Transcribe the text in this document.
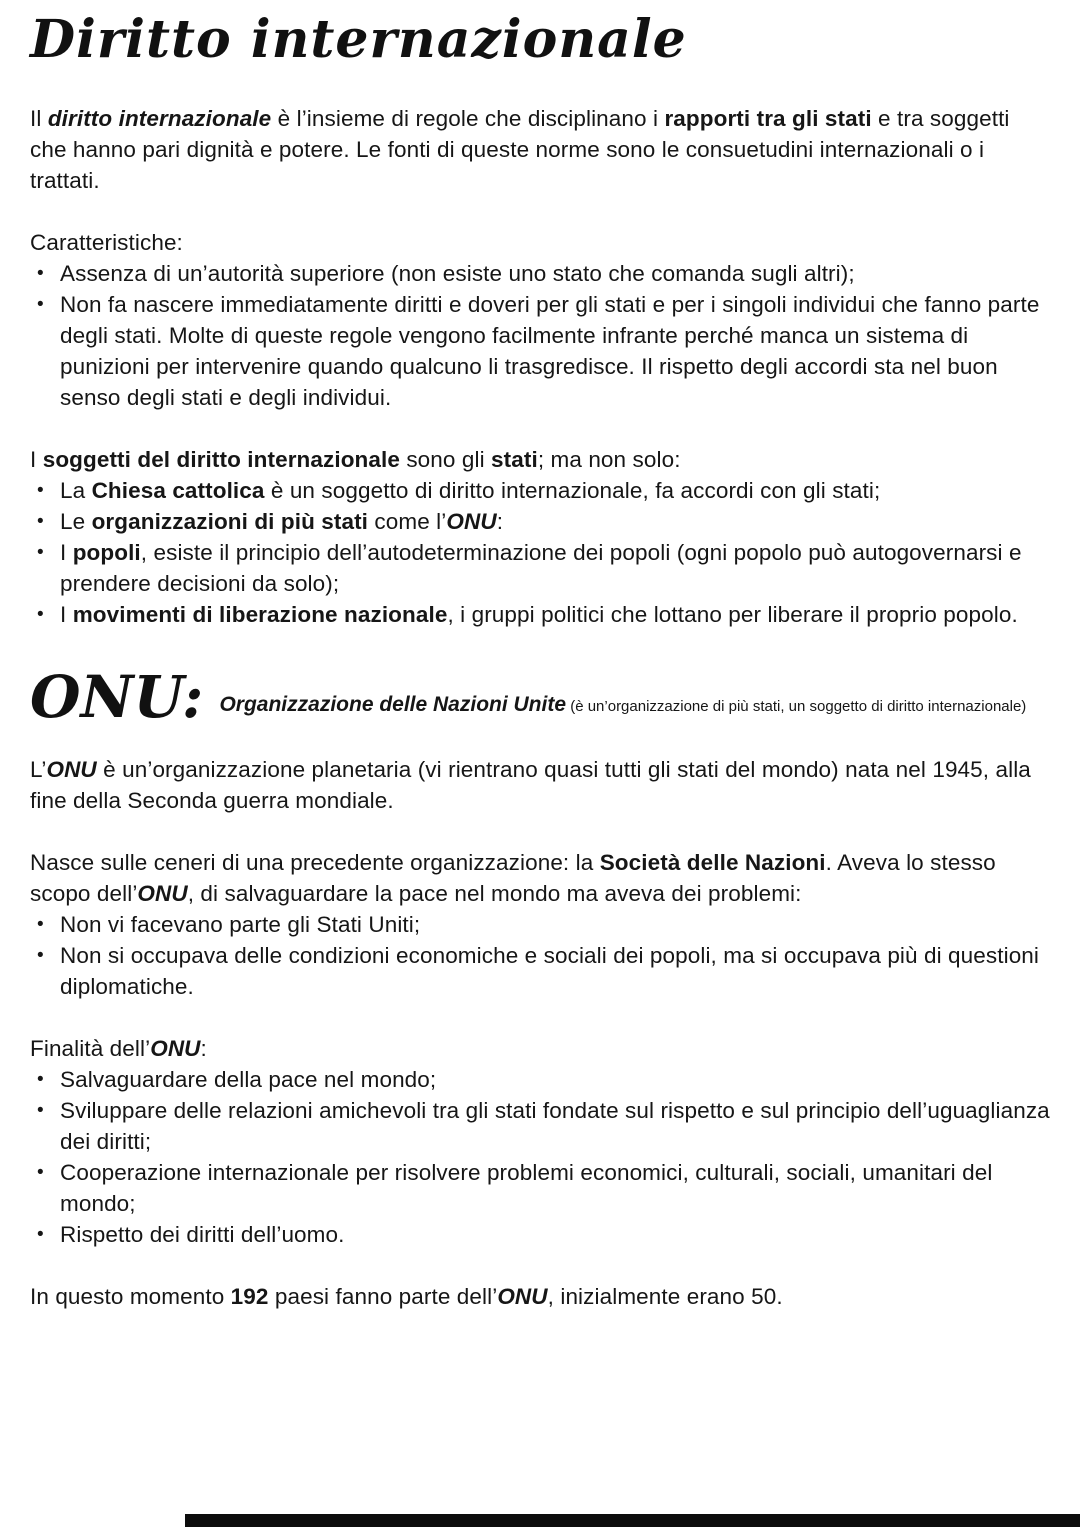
Diritto internazionale

Il diritto internazionale è l’insieme di regole che disciplinano i rapporti tra gli stati e tra soggetti che hanno pari dignità e potere. Le fonti di queste norme sono le consuetudini internazionali o i trattati.

Caratteristiche:

• Assenza di un’autorità superiore (non esiste uno stato che comanda sugli altri);
• Non fa nascere immediatamente diritti e doveri per gli stati e per i singoli individui che fanno parte degli stati. Molte di queste regole vengono facilmente infrante perché manca un sistema di punizioni per intervenire quando qualcuno li trasgredisce. Il rispetto degli accordi sta nel buon senso degli stati e degli individui.

I soggetti del diritto internazionale sono gli stati; ma non solo:

• La Chiesa cattolica è un soggetto di diritto internazionale, fa accordi con gli stati;
• Le organizzazioni di più stati come l’ONU:
• I popoli, esiste il principio dell’autodeterminazione dei popoli (ogni popolo può autogovernarsi e prendere decisioni da solo);
• I movimenti di liberazione nazionale, i gruppi politici che lottano per liberare il proprio popolo.
ONU: Organizzazione delle Nazioni Unite (è un’organizzazione di più stati, un soggetto di diritto internazionale)

L’ONU è un’organizzazione planetaria (vi rientrano quasi tutti gli stati del mondo) nata nel 1945, alla fine della Seconda guerra mondiale.

Nasce sulle ceneri di una precedente organizzazione: la Società delle Nazioni. Aveva lo stesso scopo dell’ONU, di salvaguardare la pace nel mondo ma aveva dei problemi:

• Non vi facevano parte gli Stati Uniti;
• Non si occupava delle condizioni economiche e sociali dei popoli, ma si occupava più di questioni diplomatiche.

Finalità dell’ONU:

• Salvaguardare della pace nel mondo;
• Sviluppare delle relazioni amichevoli tra gli stati fondate sul rispetto e sul principio dell’uguaglianza dei diritti;
• Cooperazione internazionale per risolvere problemi economici, culturali, sociali, umanitari del mondo;
• Rispetto dei diritti dell’uomo.

In questo momento 192 paesi fanno parte dell’ONU, inizialmente erano 50.
